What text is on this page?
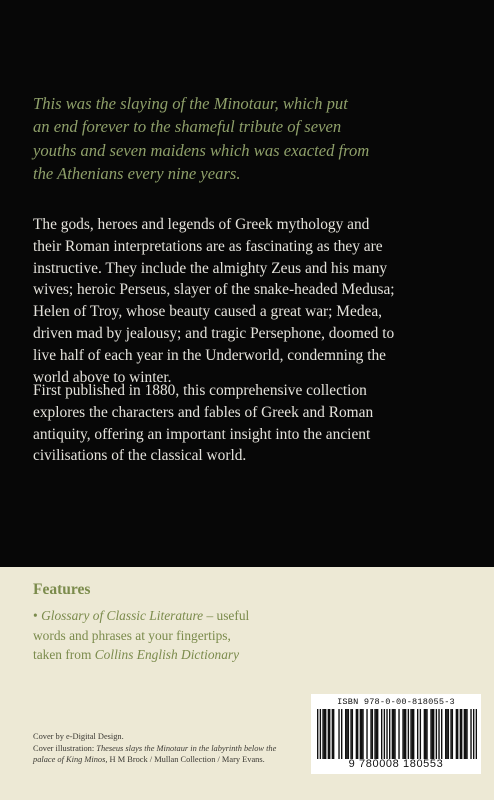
This was the slaying of the Minotaur, which put
an end forever to the shameful tribute of seven
youths and seven maidens which was exacted from
the Athenians every nine years.
The gods, heroes and legends of Greek mythology and
their Roman interpretations are as fascinating as they are
instructive. They include the almighty Zeus and his many
wives; heroic Perseus, slayer of the snake-headed Medusa;
Helen of Troy, whose beauty caused a great war; Medea,
driven mad by jealousy; and tragic Persephone, doomed to
live half of each year in the Underworld, condemning the
world above to winter.
First published in 1880, this comprehensive collection
explores the characters and fables of Greek and Roman
antiquity, offering an important insight into the ancient
civilisations of the classical world.
Features
• Glossary of Classic Literature – useful
words and phrases at your fingertips,
taken from Collins English Dictionary
Cover by e-Digital Design.
Cover illustration: Theseus slays the Minotaur in the labyrinth below the
palace of King Minos, H M Brock / Mullan Collection / Mary Evans.
ISBN 978-0-00-818055-3
9 780008 180553
